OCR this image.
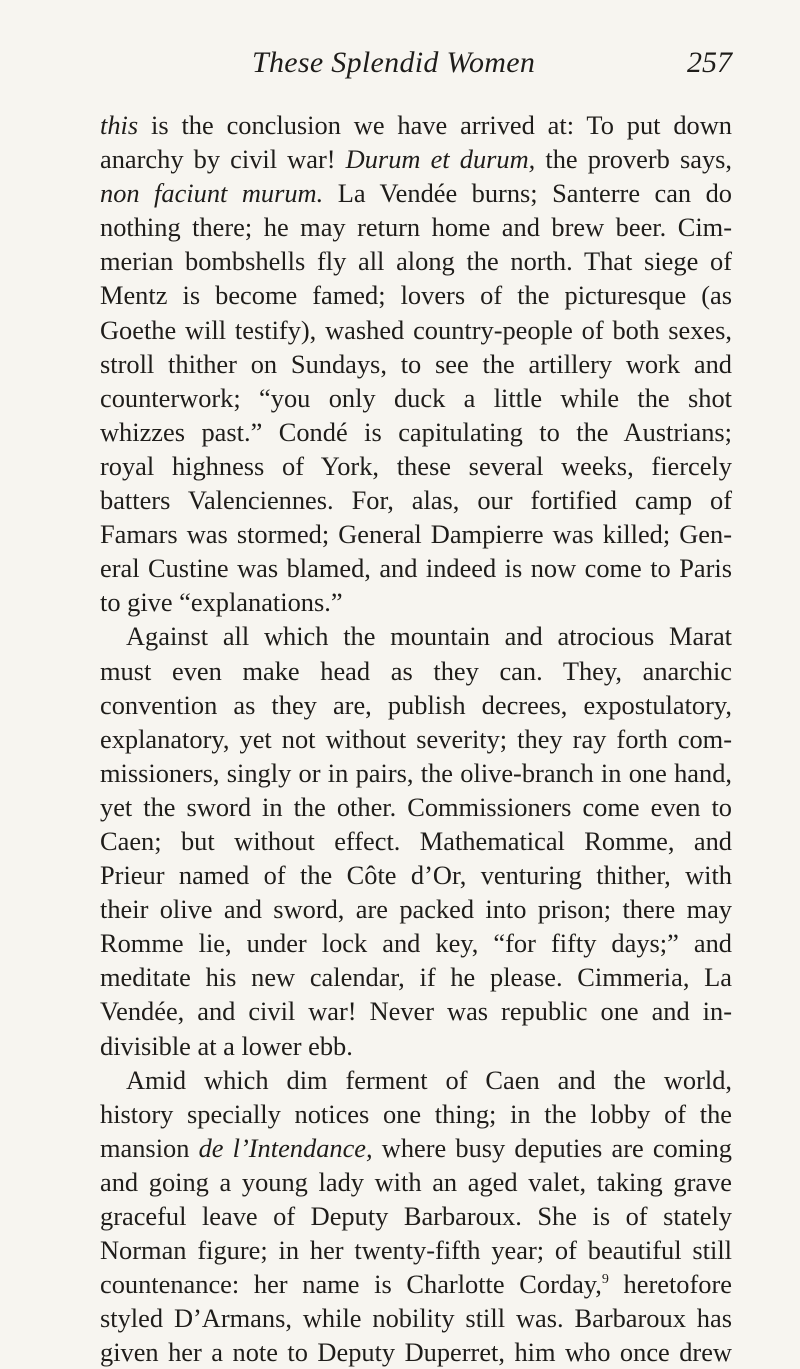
These Splendid Women	257
this is the conclusion we have arrived at: To put down
anarchy by civil war! Durum et durum, the proverb says,
non faciunt murum. La Vendée burns; Santerre can do
nothing there; he may return home and brew beer. Cim-
merian bombshells fly all along the north. That siege of
Mentz is become famed; lovers of the picturesque (as
Goethe will testify), washed country-people of both sexes,
stroll thither on Sundays, to see the artillery work and
counterwork; “you only duck a little while the shot
whizzes past.” Condé is capitulating to the Austrians;
royal highness of York, these several weeks, fiercely
batters Valenciennes. For, alas, our fortified camp of
Famars was stormed; General Dampierre was killed; Gen-
eral Custine was blamed, and indeed is now come to Paris
to give “explanations.”
Against all which the mountain and atrocious Marat
must even make head as they can. They, anarchic
convention as they are, publish decrees, expostulatory,
explanatory, yet not without severity; they ray forth com-
missioners, singly or in pairs, the olive-branch in one hand,
yet the sword in the other. Commissioners come even to
Caen; but without effect. Mathematical Romme, and
Prieur named of the Côte d’Or, venturing thither, with
their olive and sword, are packed into prison; there may
Romme lie, under lock and key, “for fifty days;” and
meditate his new calendar, if he please. Cimmeria, La
Vendée, and civil war! Never was republic one and in-
divisible at a lower ebb.
Amid which dim ferment of Caen and the world,
history specially notices one thing; in the lobby of the
mansion de l’Intendance, where busy deputies are coming
and going a young lady with an aged valet, taking grave
graceful leave of Deputy Barbaroux. She is of stately
Norman figure; in her twenty-fifth year; of beautiful still
countenance: her name is Charlotte Corday,$^9$ heretofore
styled D’Armans, while nobility still was. Barbaroux has
given her a note to Deputy Duperret, him who once drew
